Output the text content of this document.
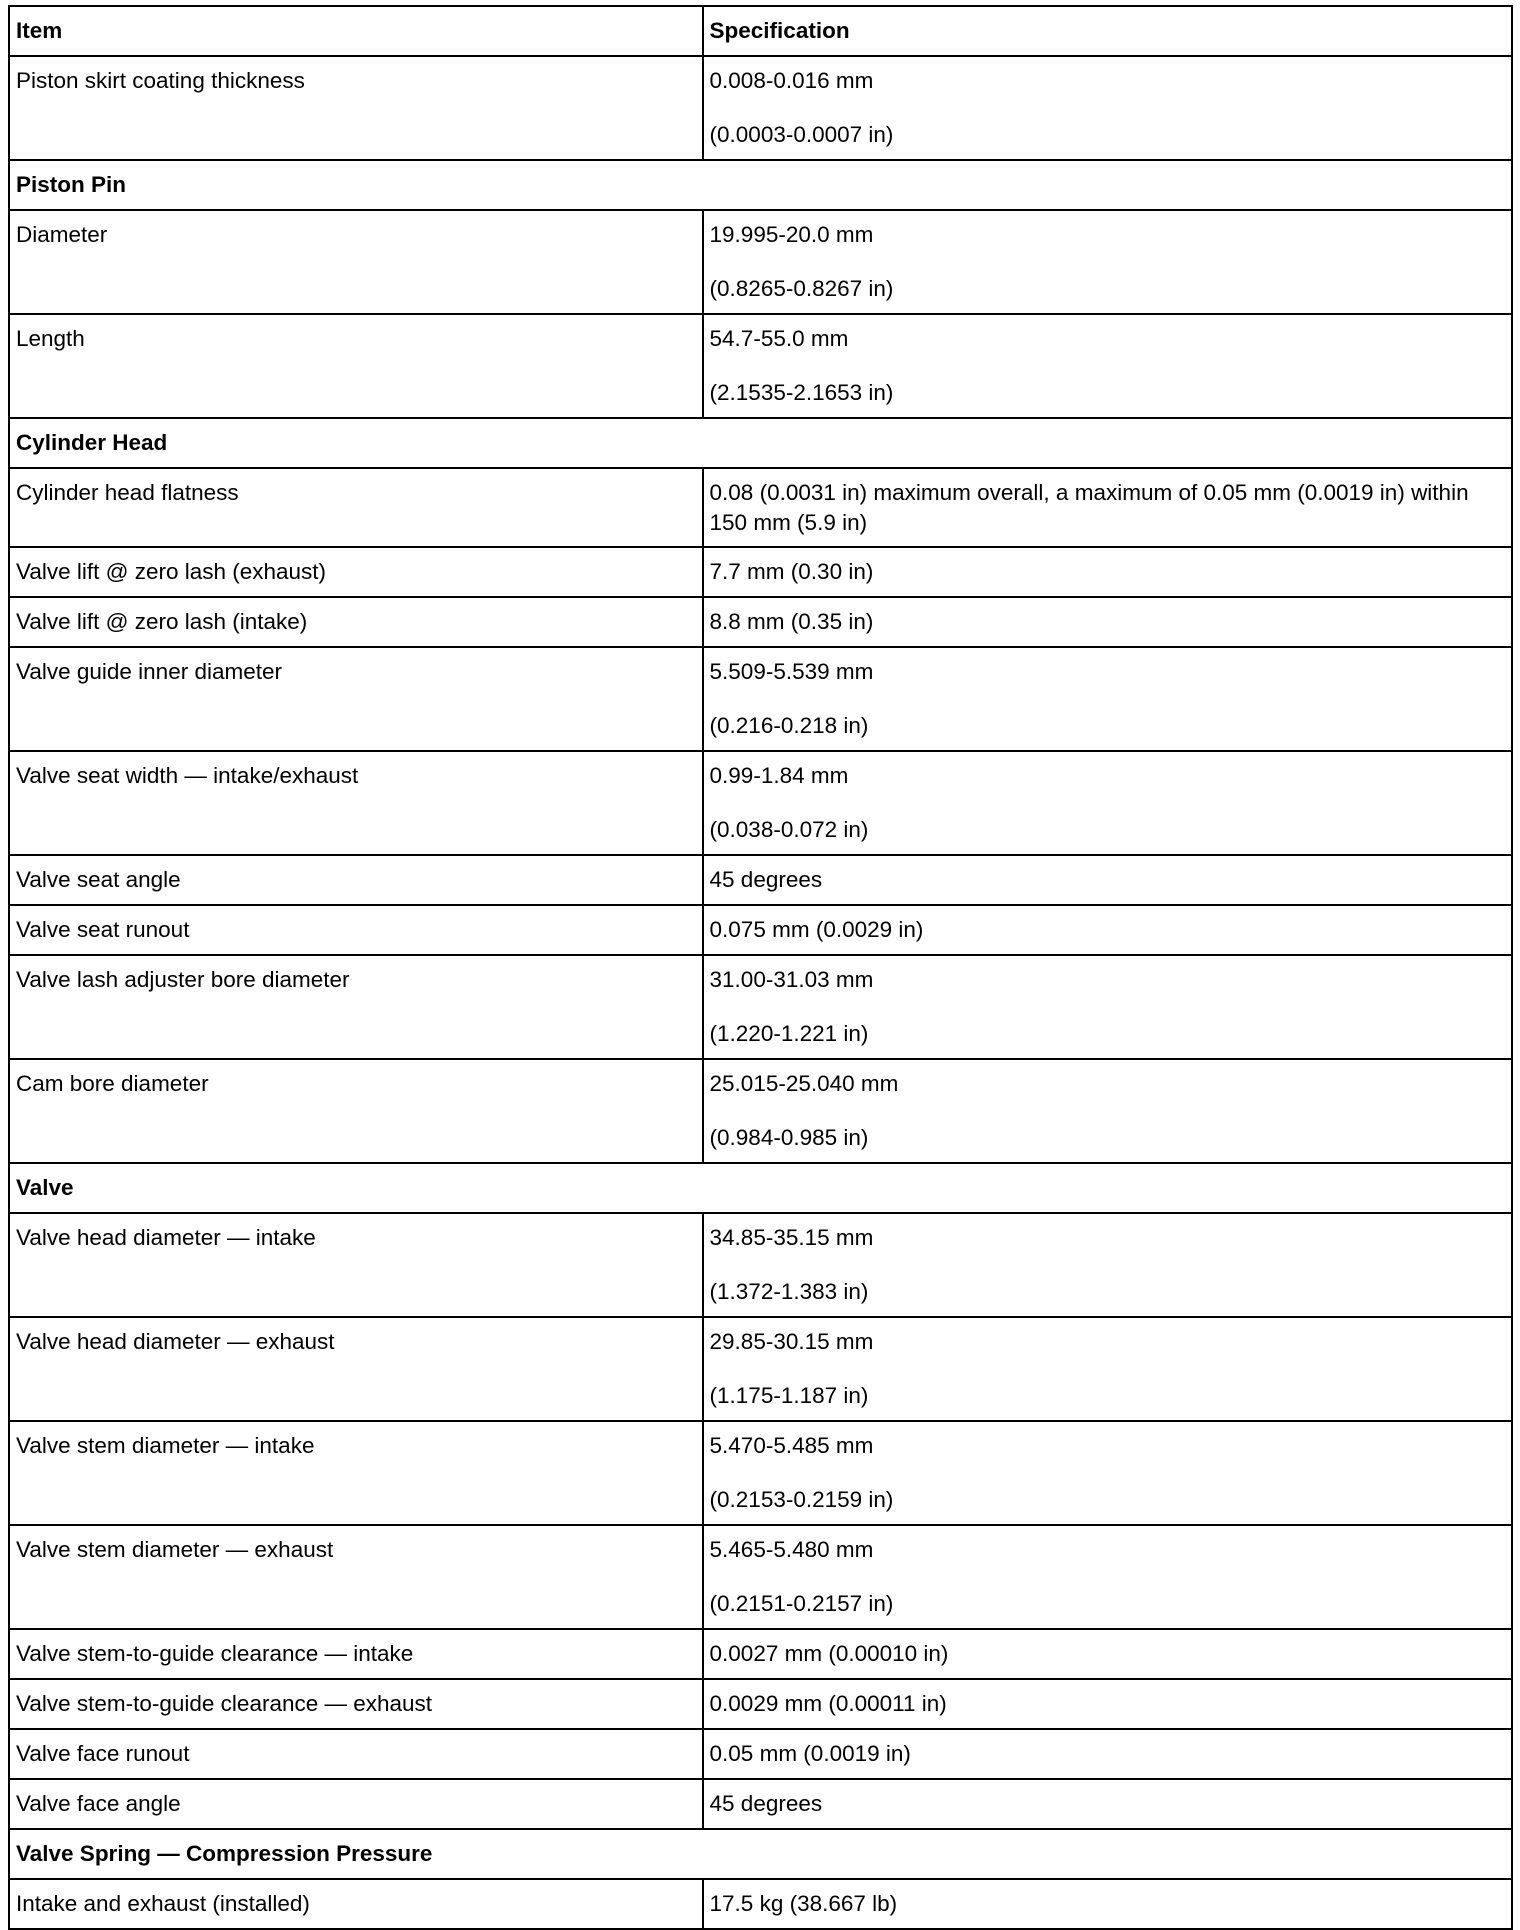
Item	Specification
Piston skirt coating thickness	0.008-0.016 mm
(0.0003-0.0007 in)

Piston Pin	
Diameter	19.995-20.0 mm
(0.8265-0.8267 in)

Length	54.7-55.0 mm
(2.1535-2.1653 in)

Cylinder Head	
Cylinder head flatness	0.08 (0.0031 in) maximum overall, a maximum of 0.05 mm (0.0019 in) within 150 mm (5.9 in)

Valve lift @ zero lash (exhaust)	7.7 mm (0.30 in)

Valve lift @ zero lash (intake)	8.8 mm (0.35 in)

Valve guide inner diameter	5.509-5.539 mm
(0.216-0.218 in)

Valve seat width — intake/exhaust	0.99-1.84 mm
(0.038-0.072 in)

Valve seat angle	45 degrees

Valve seat runout	0.075 mm (0.0029 in)

Valve lash adjuster bore diameter	31.00-31.03 mm
(1.220-1.221 in)

Cam bore diameter	25.015-25.040 mm
(0.984-0.985 in)

Valve	
Valve head diameter — intake	34.85-35.15 mm
(1.372-1.383 in)

Valve head diameter — exhaust	29.85-30.15 mm
(1.175-1.187 in)

Valve stem diameter — intake	5.470-5.485 mm
(0.2153-0.2159 in)

Valve stem diameter — exhaust	5.465-5.480 mm
(0.2151-0.2157 in)

Valve stem-to-guide clearance — intake	0.0027 mm (0.00010 in)

Valve stem-to-guide clearance — exhaust	0.0029 mm (0.00011 in)

Valve face runout	0.05 mm (0.0019 in)

Valve face angle	45 degrees

Valve Spring — Compression Pressure	
Intake and exhaust (installed)	17.5 kg (38.667 lb)
